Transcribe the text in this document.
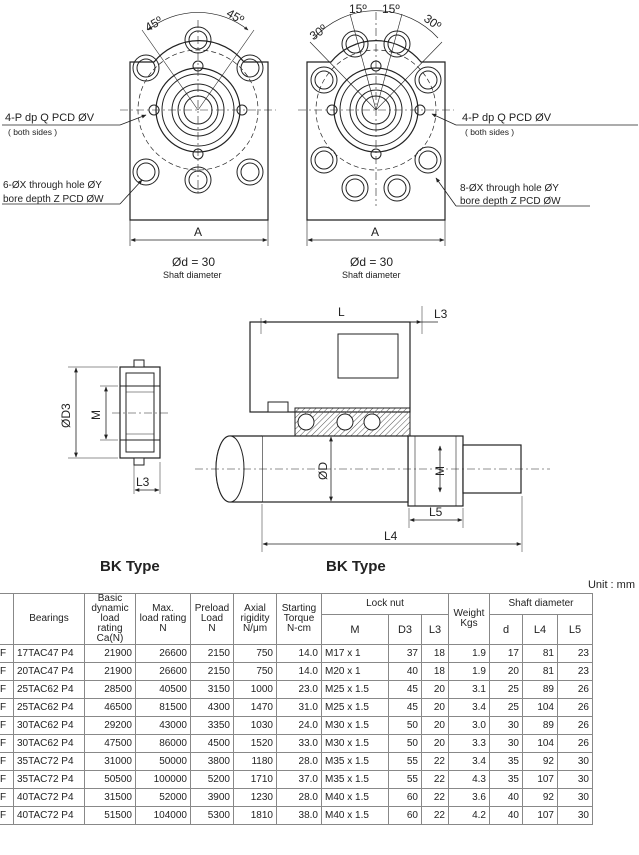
45º	45º
4-P dp Q PCD ØV
( both sides )
6-ØX through hole ØY
bore depth Z PCD ØW
A
Ød = 30
Shaft diameter
30º
15º 15º
30º
4-P dp Q PCD ØV
( both sides )
8-ØX through hole ØY
bore depth Z PCD ØW
A
Ød = 30
Shaft diameter
ØD3 M
L3
BK Type
L	L3
ØD	M
L5
L4
BK Type
Unit : mm
	Bearings	Basic
dynamic
load rating
Ca(N)	Max.
load rating
N	Preload
Load
N	Axial
rigidity
N/μm	Starting
Torque
N-cm	Lock nut			Weight
Kgs	Shaft diameter		
							M	D3	L3		d	L4	L5
F	17TAC47 P4	21900	26600	2150	750	14.0	M17 x 1	37	18	1.9	17	81	23
F	20TAC47 P4	21900	26600	2150	750	14.0	M20 x 1	40	18	1.9	20	81	23
F	25TAC62 P4	28500	40500	3150	1000	23.0	M25 x 1.5	45	20	3.1	25	89	26
F	25TAC62 P4	46500	81500	4300	1470	31.0	M25 x 1.5	45	20	3.4	25	104	26
F	30TAC62 P4	29200	43000	3350	1030	24.0	M30 x 1.5	50	20	3.0	30	89	26
F	30TAC62 P4	47500	86000	4500	1520	33.0	M30 x 1.5	50	20	3.3	30	104	26
F	35TAC72 P4	31000	50000	3800	1180	28.0	M35 x 1.5	55	22	3.4	35	92	30
F	35TAC72 P4	50500	100000	5200	1710	37.0	M35 x 1.5	55	22	4.3	35	107	30
F	40TAC72 P4	31500	52000	3900	1230	28.0	M40 x 1.5	60	22	3.6	40	92	30
F	40TAC72 P4	51500	104000	5300	1810	38.0	M40 x 1.5	60	22	4.2	40	107	30
